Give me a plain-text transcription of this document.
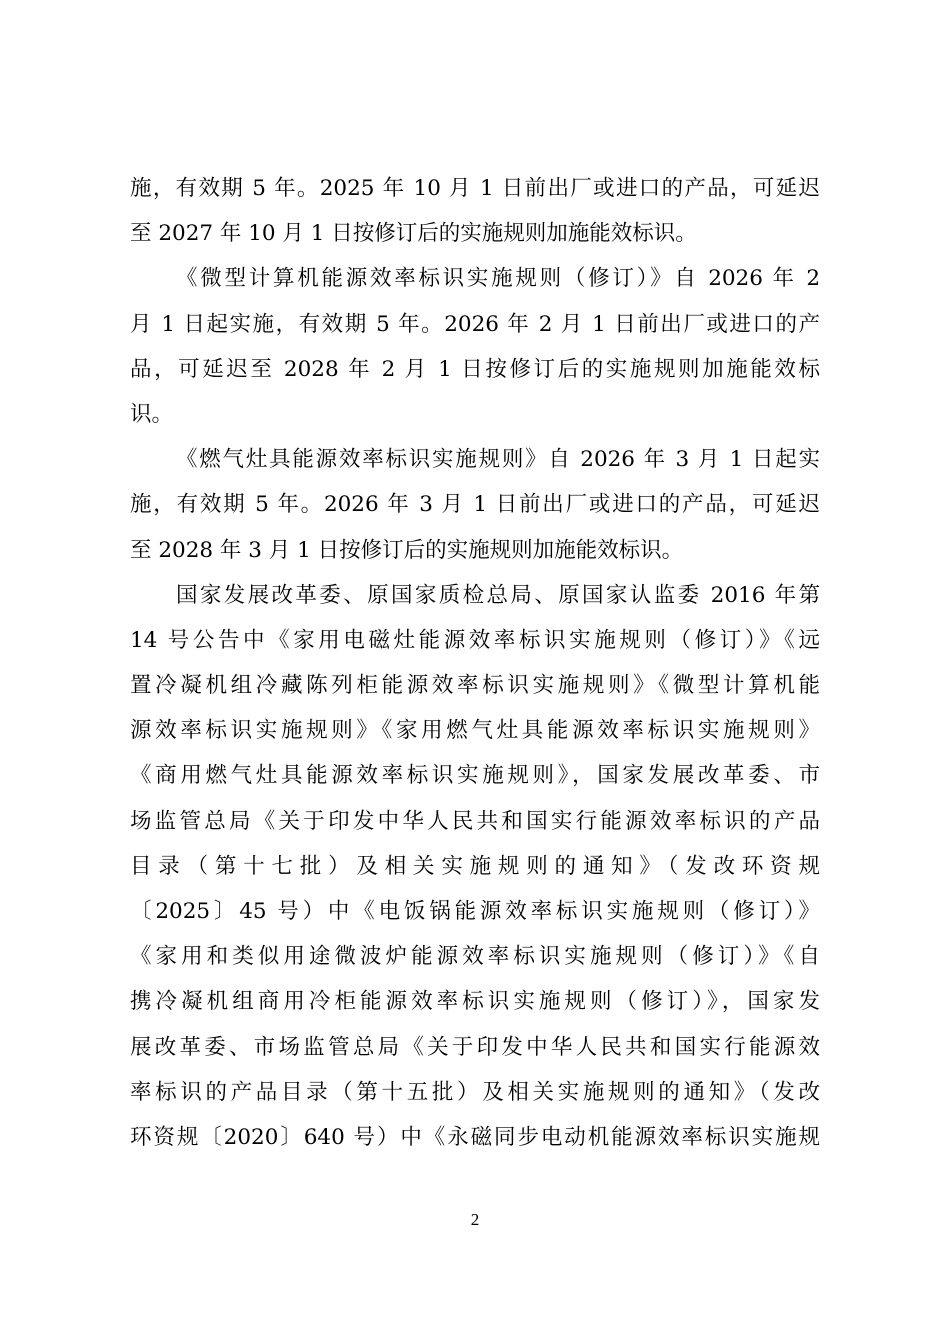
施，有效期 5 年。2025 年 10 月 1 日前出厂或进口的产品，可延迟
至 2027 年 10 月 1 日按修订后的实施规则加施能效标识。
《微型计算机能源效率标识实施规则（修订）》自 2026 年 2
月 1 日起实施，有效期 5 年。2026 年 2 月 1 日前出厂或进口的产
品，可延迟至 2028 年 2 月 1 日按修订后的实施规则加施能效标
识。
《燃气灶具能源效率标识实施规则》自 2026 年 3 月 1 日起实
施，有效期 5 年。2026 年 3 月 1 日前出厂或进口的产品，可延迟
至 2028 年 3 月 1 日按修订后的实施规则加施能效标识。
国家发展改革委、原国家质检总局、原国家认监委 2016 年第
14 号公告中《家用电磁灶能源效率标识实施规则（修订）》《远
置冷凝机组冷藏陈列柜能源效率标识实施规则》《微型计算机能
源效率标识实施规则》《家用燃气灶具能源效率标识实施规则》
《商用燃气灶具能源效率标识实施规则》，国家发展改革委、市
场监管总局《关于印发中华人民共和国实行能源效率标识的产品
目录（第十七批）及相关实施规则的通知》（发改环资规
〔2025〕45 号）中《电饭锅能源效率标识实施规则（修订）》
《家用和类似用途微波炉能源效率标识实施规则（修订）》《自
携冷凝机组商用冷柜能源效率标识实施规则（修订）》，国家发
展改革委、市场监管总局《关于印发中华人民共和国实行能源效
率标识的产品目录（第十五批）及相关实施规则的通知》（发改
环资规〔2020〕640 号）中《永磁同步电动机能源效率标识实施规
2
